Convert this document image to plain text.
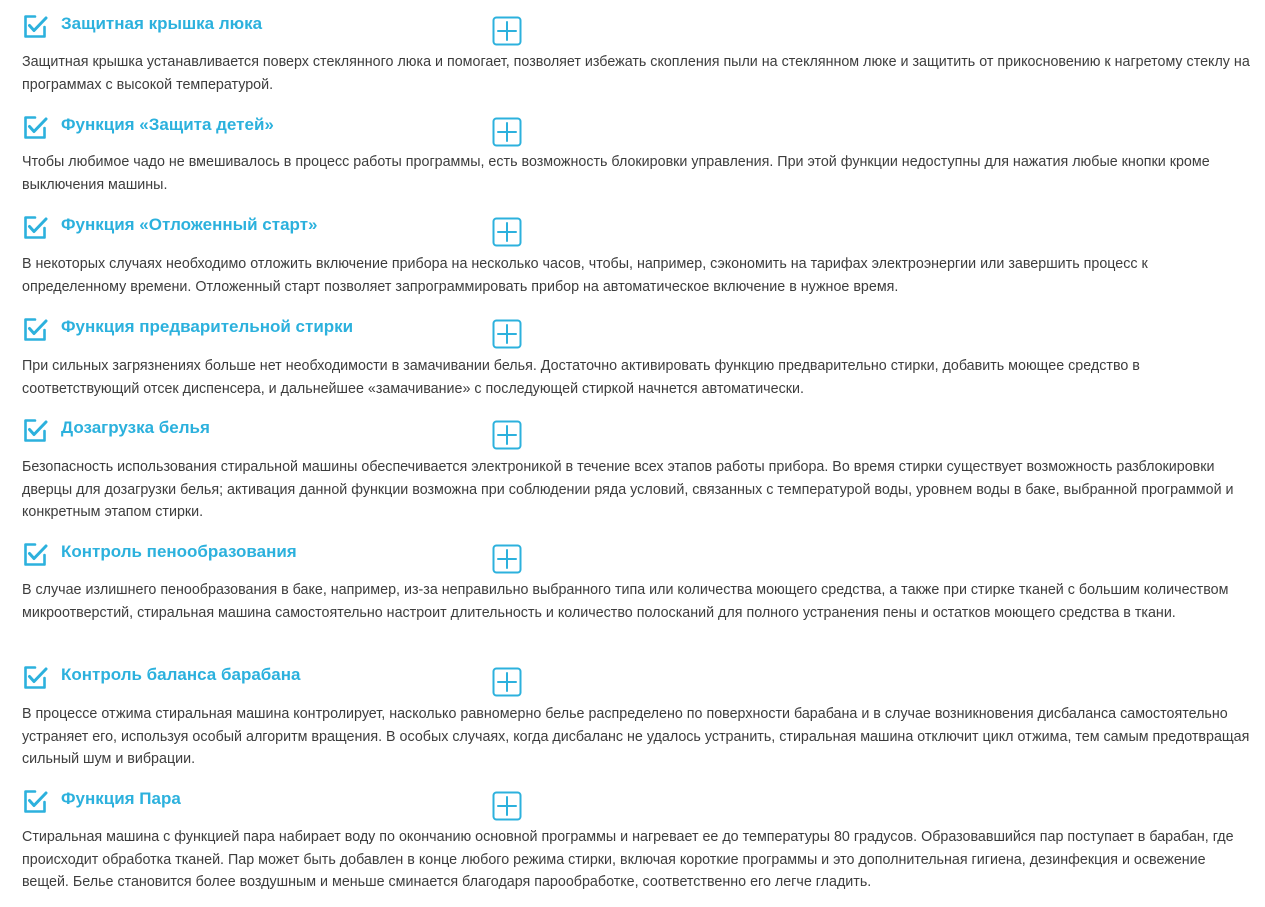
Защитная крышка люка

Защитная крышка устанавливается поверх стеклянного люка и помогает, позволяет избежать скопления пыли на стеклянном люке и защитить от прикосновению к нагретому стеклу на программах с высокой температурой.

Функция «Защита детей»

Чтобы любимое чадо не вмешивалось в процесс работы программы, есть возможность блокировки управления. При этой функции недоступны для нажатия любые кнопки кроме выключения машины.

Функция «Отложенный старт»

В некоторых случаях необходимо отложить включение прибора на несколько часов, чтобы, например, сэкономить на тарифах электроэнергии или завершить процесс к определенному времени. Отложенный старт позволяет запрограммировать прибор на автоматическое включение в нужное время.

Функция предварительной стирки

При сильных загрязнениях больше нет необходимости в замачивании белья. Достаточно активировать функцию предварительно стирки, добавить моющее средство в соответствующий отсек диспенсера, и дальнейшее «замачивание» с последующей стиркой начнется автоматически.

Дозагрузка белья

Безопасность использования стиральной машины обеспечивается электроникой в течение всех этапов работы прибора. Во время стирки существует возможность разблокировки дверцы для дозагрузки белья; активация данной функции возможна при соблюдении ряда условий, связанных с температурой воды, уровнем воды в баке, выбранной программой и конкретным этапом стирки.

Контроль пенообразования

В случае излишнего пенообразования в баке, например, из-за неправильно выбранного типа или количества моющего средства, а также при стирке тканей с большим количеством микроотверстий, стиральная машина самостоятельно настроит длительность и количество полосканий для полного устранения пены и остатков моющего средства в ткани.

Контроль баланса барабана

В процессе отжима стиральная машина контролирует, насколько равномерно белье распределено по поверхности барабана и в случае возникновения дисбаланса самостоятельно устраняет его, используя особый алгоритм вращения. В особых случаях, когда дисбаланс не удалось устранить, стиральная машина отключит цикл отжима, тем самым предотвращая сильный шум и вибрации.

Функция Пара

Стиральная машина с функцией пара набирает воду по окончанию основной программы и нагревает ее до температуры 80 градусов. Образовавшийся пар поступает в барабан, где происходит обработка тканей. Пар может быть добавлен в конце любого режима стирки, включая короткие программы и это дополнительная гигиена, дезинфекция и освежение вещей. Белье становится более воздушным и меньше сминается благодаря парообработке, соответственно его легче гладить.
